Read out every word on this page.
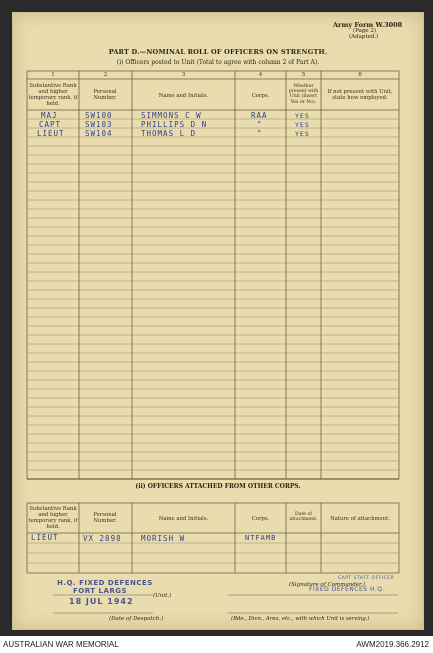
Army Form W.3008
(Page 2)
(Adapted.)
PART D.—NOMINAL ROLL OF OFFICERS ON STRENGTH.
(i) Officers posted to Unit (Total to agree with column 2 of Part A).
1	2	3	4	5	6
Substantive Rank and higher temporary rank, if held.
Personal Number.	Name and Initials.	Corps.
Whether present with Unit (Insert Yes or No).
If not present with Unit, state how employed.
MAJ	SW100	SIMMONS C W	RAA	YES
CAPT	SW103	PHILLIPS D N	"	YES
LIEUT	SW104	THOMAS L D	"	YES
(ii) OFFICERS ATTACHED FROM OTHER CORPS.
Substantive Rank and higher temporary rank, if held.
Personal Number.	Name and Initials.	Corps.
Date of attachment.	Nature of attachment.
LIEUT	VX 2898	MORISH W	NTFAMB
H.Q. FIXED DEFENCES
FORT LARGS
(Unit.)
18 JUL 1942
(Date of Despatch.)
(Signature of Commander.)
CAPT STAFF OFFICER
FIXED DEFENCES H.Q.
(Bde., Divn., Area, etc., with which Unit is serving.)
AUSTRALIAN WAR MEMORIAL	AWM2019.366.2912
